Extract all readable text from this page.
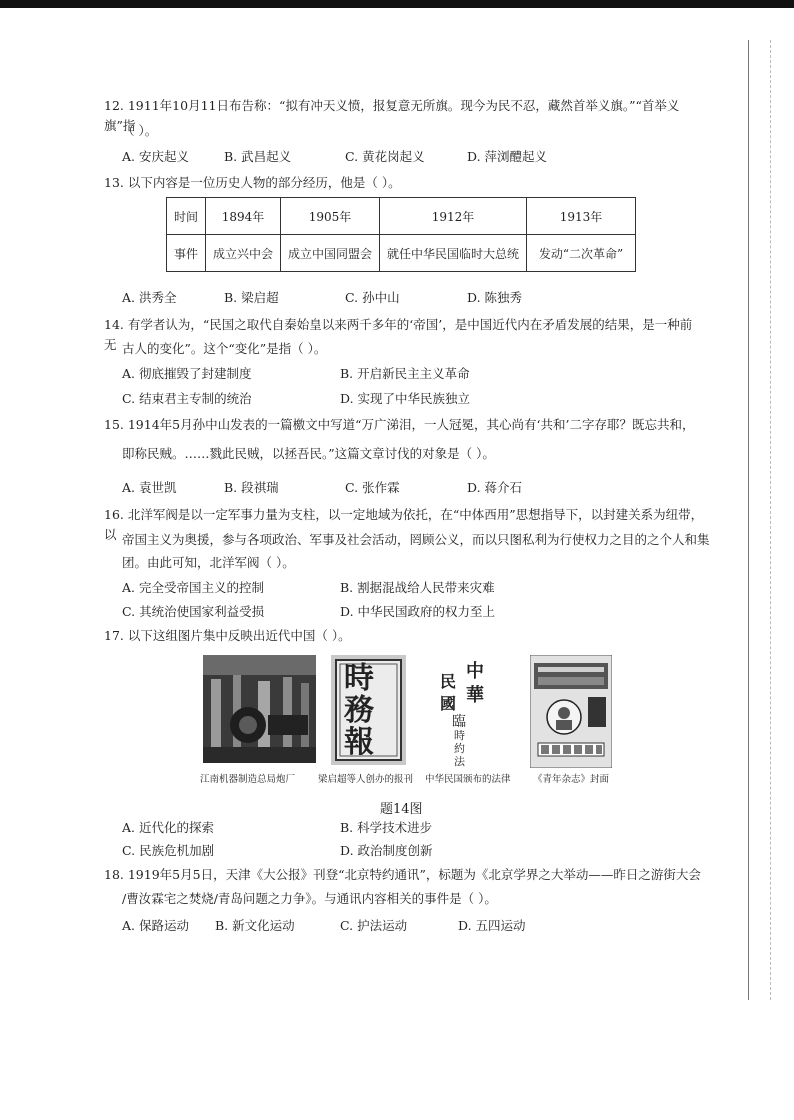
12. 1911年10月11日布告称：“拟有冲天义愤，报复意无所旗。现今为民不忍，藏然首举义旗。”“首举义旗”指
（ ）。
A. 安庆起义	B. 武昌起义	C. 黄花岗起义	D. 萍浏醴起义
13. 以下内容是一位历史人物的部分经历，他是（ ）。
时间	1894年	1905年	1912年	1913年
事件	成立兴中会	成立中国同盟会	就任中华民国临时大总统	发动“二次革命”
A. 洪秀全	B. 梁启超	C. 孙中山	D. 陈独秀
14. 有学者认为，“民国之取代自秦始皇以来两千多年的‘帝国’，是中国近代内在矛盾发展的结果，是一种前无 古人的变化”。这个“变化”是指（ ）。
A. 彻底摧毁了封建制度	B. 开启新民主主义革命
C. 结束君主专制的统治	D. 实现了中华民族独立
15. 1914年5月孙中山发表的一篇檄文中写道“万广涕泪，一人冠冕，其心尚有‘共和’二字存耶？既忘共和，
即称民贼。……戮此民贼，以拯吾民。”这篇文章讨伐的对象是（ ）。
A. 袁世凯	B. 段祺瑞	C. 张作霖	D. 蒋介石
16. 北洋军阀是以一定军事力量为支柱，以一定地域为依托，在“中体西用”思想指导下，以封建关系为纽带，以 帝国主义为奥援，参与各项政治、军事及社会活动，罔顾公义，而以只图私利为行使权力之目的之个人和集
团。由此可知，北洋军阀（ ）。
A. 完全受帝国主义的控制	B. 割据混战给人民带来灾难
C. 其统治使国家利益受损	D. 中华民国政府的权力至上
17. 以下这组图片集中反映出近代中国（ ）。
時
務
報
中
華
民
國
臨
時
約
法
江南机器制造总局炮厂 梁启超等人创办的报刊 中华民国颁布的法律 《青年杂志》封面
题14图
A. 近代化的探索	B. 科学技术进步
C. 民族危机加剧	D. 政治制度创新
18. 1919年5月5日，天津《大公报》刊登“北京特约通讯”，标题为《北京学界之大举动——昨日之游街大会
/曹汝霖宅之焚烧/青岛问题之力争》。与通讯内容相关的事件是（ ）。
A. 保路运动 B. 新文化运动	C. 护法运动	D. 五四运动
